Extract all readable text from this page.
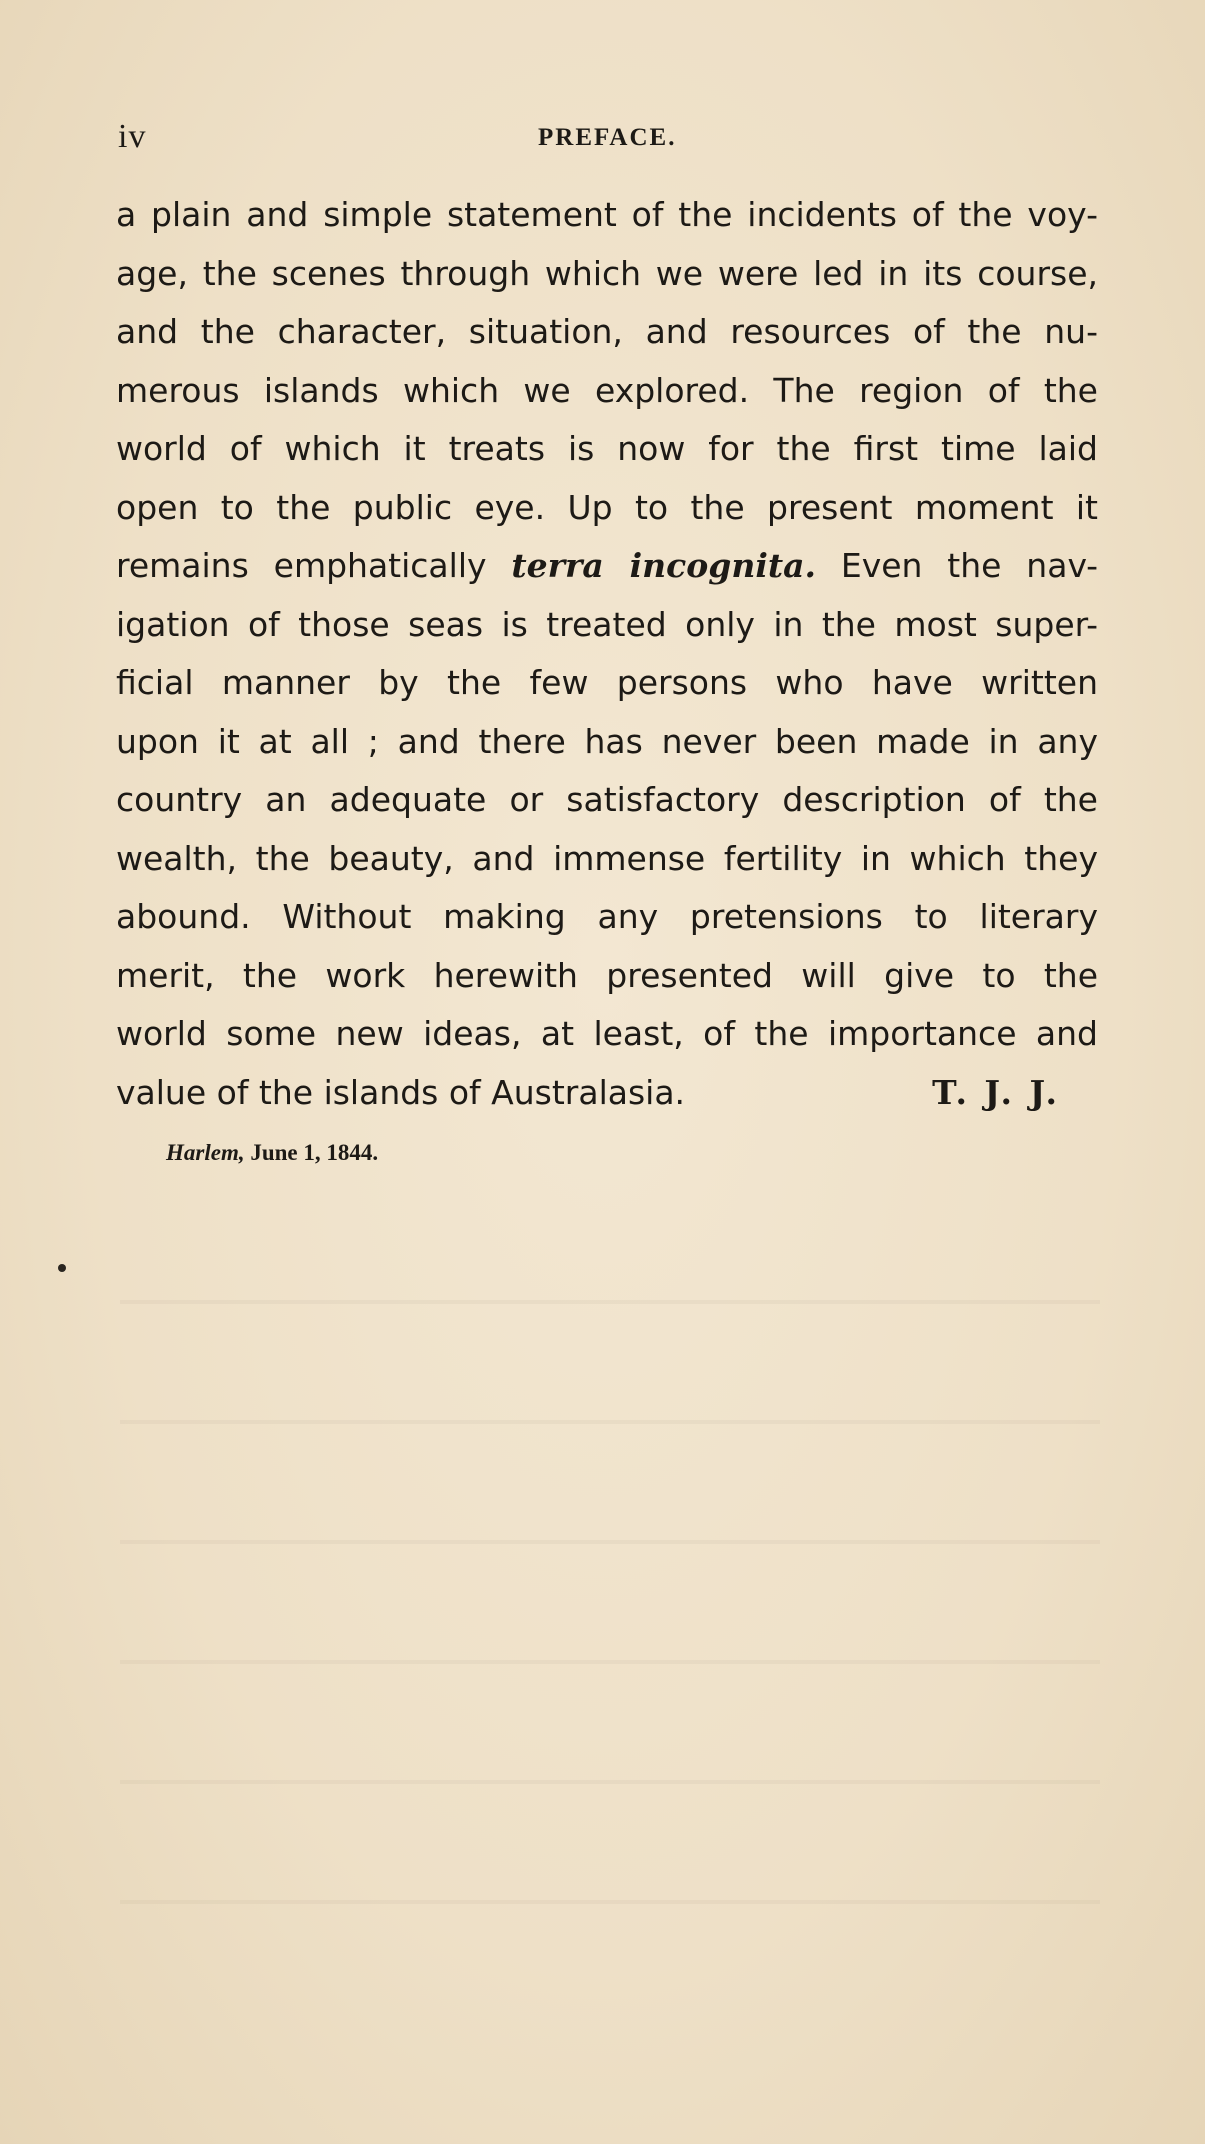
iv	PREFACE.
a plain and simple statement of the incidents of the voy-
age, the scenes through which we were led in its course,
and the character, situation, and resources of the nu-
merous islands which we explored. The region of the
world of which it treats is now for the first time laid
open to the public eye. Up to the present moment it
remains emphatically terra incognita. Even the nav-
igation of those seas is treated only in the most super-
ficial manner by the few persons who have written
upon it at all ; and there has never been made in any
country an adequate or satisfactory description of the
wealth, the beauty, and immense fertility in which they
abound. Without making any pretensions to literary
merit, the work herewith presented will give to the
world some new ideas, at least, of the importance and
value of the islands of Australasia.	T. J. J.
Harlem, June 1, 1844.
